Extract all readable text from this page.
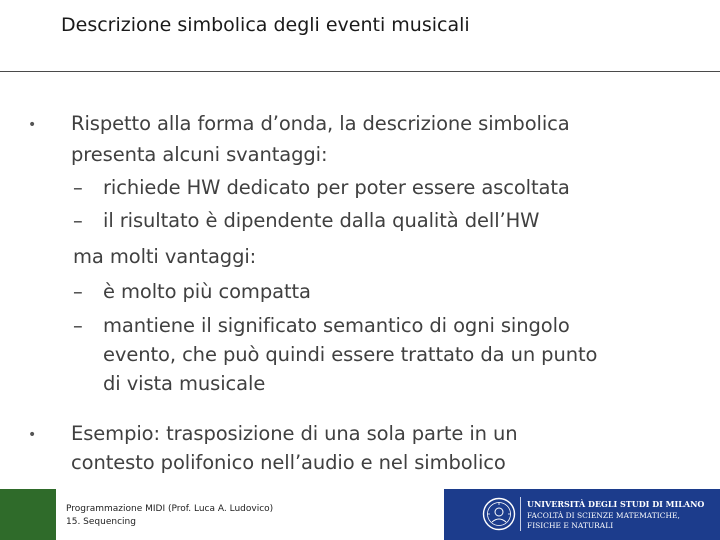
Descrizione simbolica degli eventi musicali
• Rispetto alla forma d’onda, la descrizione simbolica
presenta alcuni svantaggi:
– richiede HW dedicato per poter essere ascoltata
– il risultato è dipendente dalla qualità dell’HW
ma molti vantaggi:
– è molto più compatta
– mantiene il significato semantico di ogni singolo
evento, che può quindi essere trattato da un punto
di vista musicale
• Esempio: trasposizione di una sola parte in un
contesto polifonico nell’audio e nel simbolico
Programmazione MIDI (Prof. Luca A. Ludovico)
15. Sequencing
UNIVERSITÀ DEGLI STUDI DI MILANO
FACOLTÀ DI SCIENZE MATEMATICHE,
FISICHE E NATURALI
